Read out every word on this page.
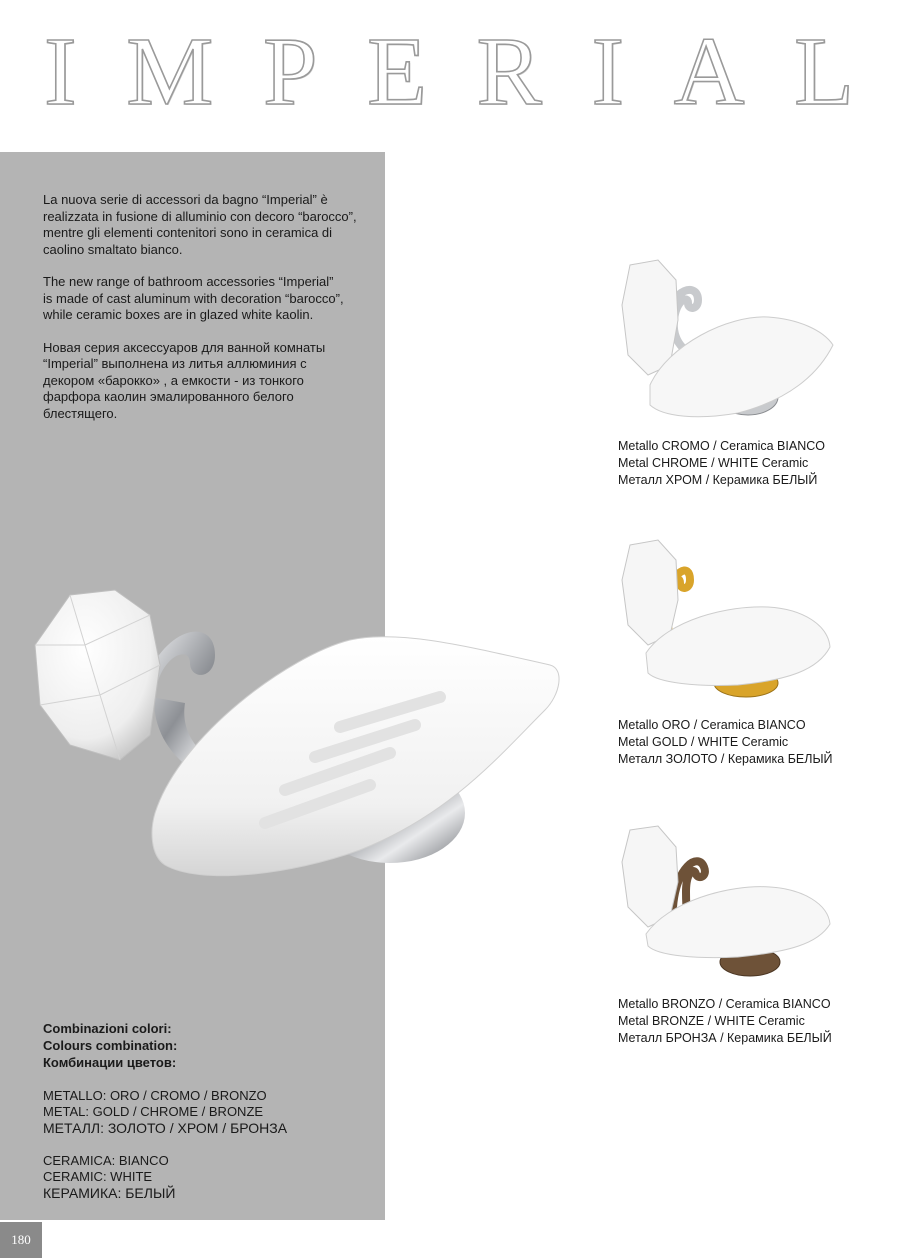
I M P E R I A L

La nuova serie di accessori da bagno “Imperial” è
realizzata in fusione di alluminio con decoro “barocco”,
mentre gli elementi contenitori sono in ceramica di
caolino smaltato bianco.

The new range of bathroom accessories “Imperial”
is made of cast aluminum with decoration “barocco”,
while ceramic boxes are in glazed white kaolin.

Новая серия аксессуаров для ванной комнаты
“Imperial” выполнена из литья аллюминия с
декором «барокко» , а емкости - из тонкого
фарфора каолин эмалированного белого
блестящего.

Metallo CROMO / Ceramica BIANCO
Metal CHROME / WHITE Ceramic
Металл ХРОМ / Керамика БЕЛЫЙ
Metallo ORO / Ceramica BIANCO
Metal GOLD / WHITE Ceramic
Металл ЗОЛОТО / Керамика БЕЛЫЙ
Metallo BRONZO / Ceramica BIANCO
Metal BRONZE / WHITE Ceramic
Металл БРОНЗА / Керамика БЕЛЫЙ
Combinazioni colori:
Colours combination:
Комбинации цветов:
METALLO: ORO / CROMO / BRONZO
METAL: GOLD / CHROME / BRONZE
МЕТАЛЛ: ЗОЛОТО / ХРОМ / БРОНЗА
CERAMICA: BIANCO
CERAMIC: WHITE
КЕРАМИКА: БЕЛЫЙ
180
